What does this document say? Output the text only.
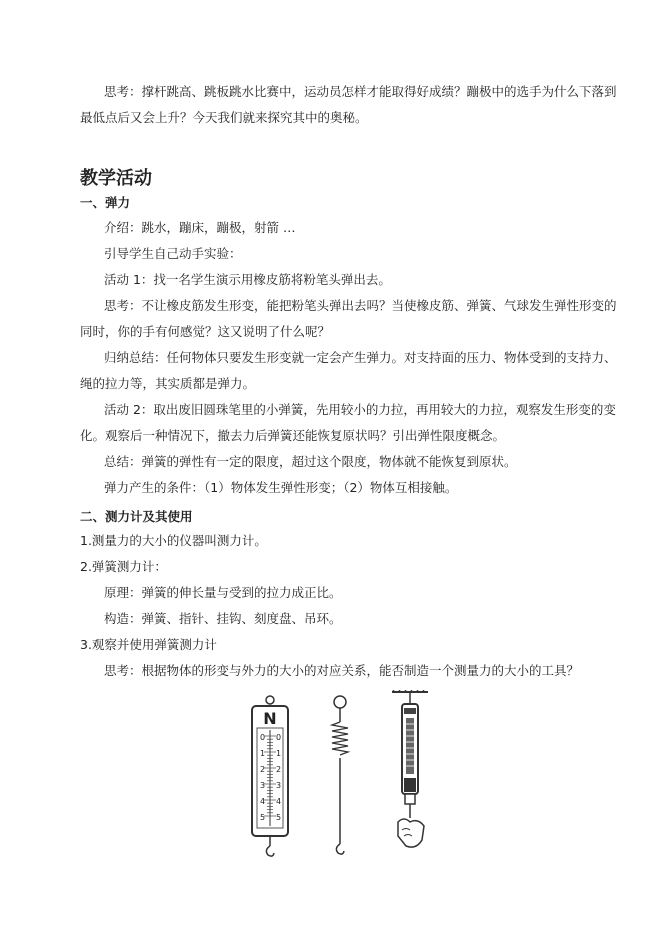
思考：撑杆跳高、跳板跳水比赛中，运动员怎样才能取得好成绩？蹦极中的选手为什么下落到
最低点后又会上升？今天我们就来探究其中的奥秘。
教学活动
一、弹力
介绍：跳水，蹦床，蹦极，射箭 …
引导学生自己动手实验：
活动 1：找一名学生演示用橡皮筋将粉笔头弹出去。
思考：不让橡皮筋发生形变，能把粉笔头弹出去吗？当使橡皮筋、弹簧、气球发生弹性形变的
同时，你的手有何感觉？这又说明了什么呢？
归纳总结：任何物体只要发生形变就一定会产生弹力。对支持面的压力、物体受到的支持力、
绳的拉力等，其实质都是弹力。
活动 2：取出废旧圆珠笔里的小弹簧，先用较小的力拉，再用较大的力拉，观察发生形变的变
化。观察后一种情况下，撤去力后弹簧还能恢复原状吗？引出弹性限度概念。
总结：弹簧的弹性有一定的限度，超过这个限度，物体就不能恢复到原状。
弹力产生的条件：（1）物体发生弹性形变；（2）物体互相接触。
二、测力计及其使用
1.测量力的大小的仪器叫测力计。
2.弹簧测力计：
原理：弹簧的伸长量与受到的拉力成正比。
构造：弹簧、指针、挂钩、刻度盘、吊环。
3.观察并使用弹簧测力计
思考：根据物体的形变与外力的大小的对应关系，能否制造一个测量力的大小的工具？
N
0
1
2
3
4
5
0
1
2
3
4
5
